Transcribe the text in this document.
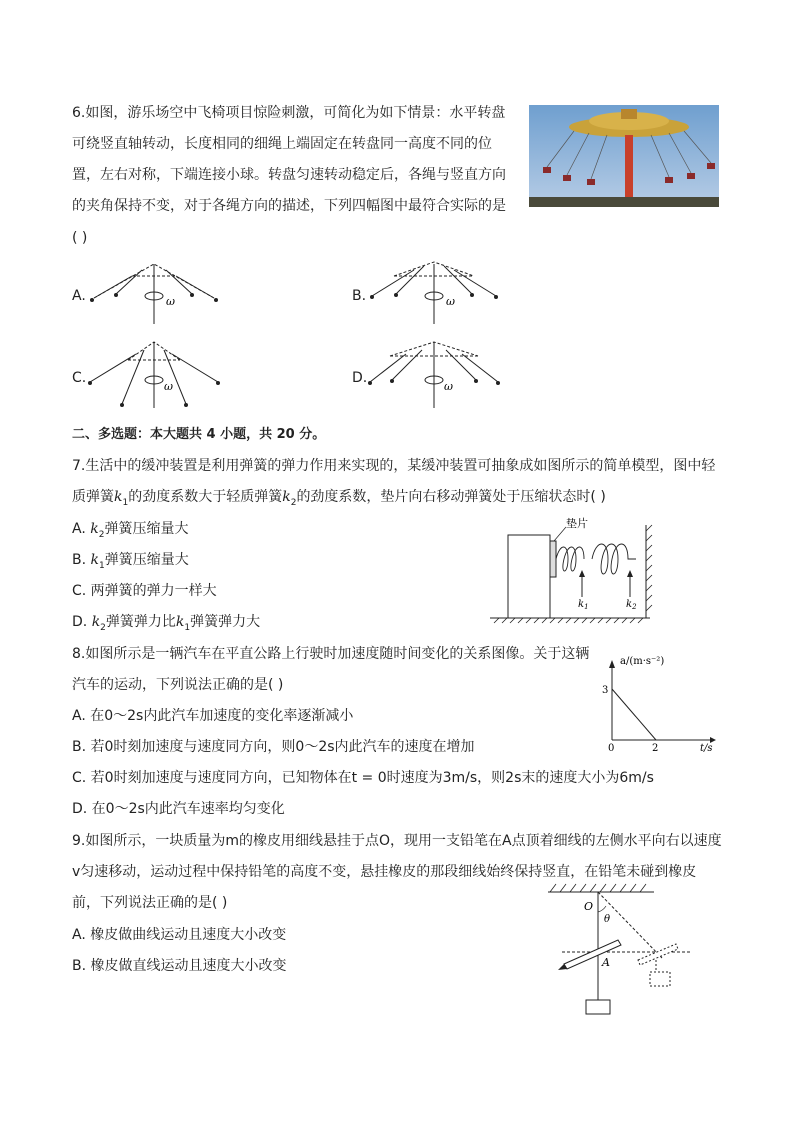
6.如图，游乐场空中飞椅项目惊险刺激，可简化为如下情景：水平转盘
可绕竖直轴转动，长度相同的细绳上端固定在转盘同一高度不同的位
置，左右对称，下端连接小球。转盘匀速转动稳定后，各绳与竖直方向
的夹角保持不变，对于各绳方向的描述，下列四幅图中最符合实际的是
( )
A.	ω	B.	ω
C.
ω
D.
ω
二、多选题：本大题共 4 小题，共 20 分。
7.生活中的缓冲装置是利用弹簧的弹力作用来实现的，某缓冲装置可抽象成如图所示的简单模型，图中轻
质弹簧$k_1$的劲度系数大于轻质弹簧$k_2$的劲度系数，垫片向右移动弹簧处于压缩状态时( )
A. $k_2$弹簧压缩量大
B. $k_1$弹簧压缩量大
C. 两弹簧的弹力一样大
D. $k_2$弹簧弹力比$k_1$弹簧弹力大
垫片
$k_1$	$k_2$
8.如图所示是一辆汽车在平直公路上行驶时加速度随时间变化的关系图像。关于这辆
汽车的运动，下列说法正确的是( )
A. 在0～2s内此汽车加速度的变化率逐渐减小
B. 若0时刻加速度与速度同方向，则0～2s内此汽车的速度在增加
C. 若0时刻加速度与速度同方向，已知物体在t = 0时速度为3m/s，则2s末的速度大小为6m/s
D. 在0～2s内此汽车速率均匀变化
a/(m·s⁻²)
t/s
3
0	2
9.如图所示，一块质量为m的橡皮用细线悬挂于点O，现用一支铅笔在A点顶着细线的左侧水平向右以速度
v匀速移动，运动过程中保持铅笔的高度不变，悬挂橡皮的那段细线始终保持竖直，在铅笔未碰到橡皮
前，下列说法正确的是( )
A. 橡皮做曲线运动且速度大小改变
B. 橡皮做直线运动且速度大小改变
O
θ
A
